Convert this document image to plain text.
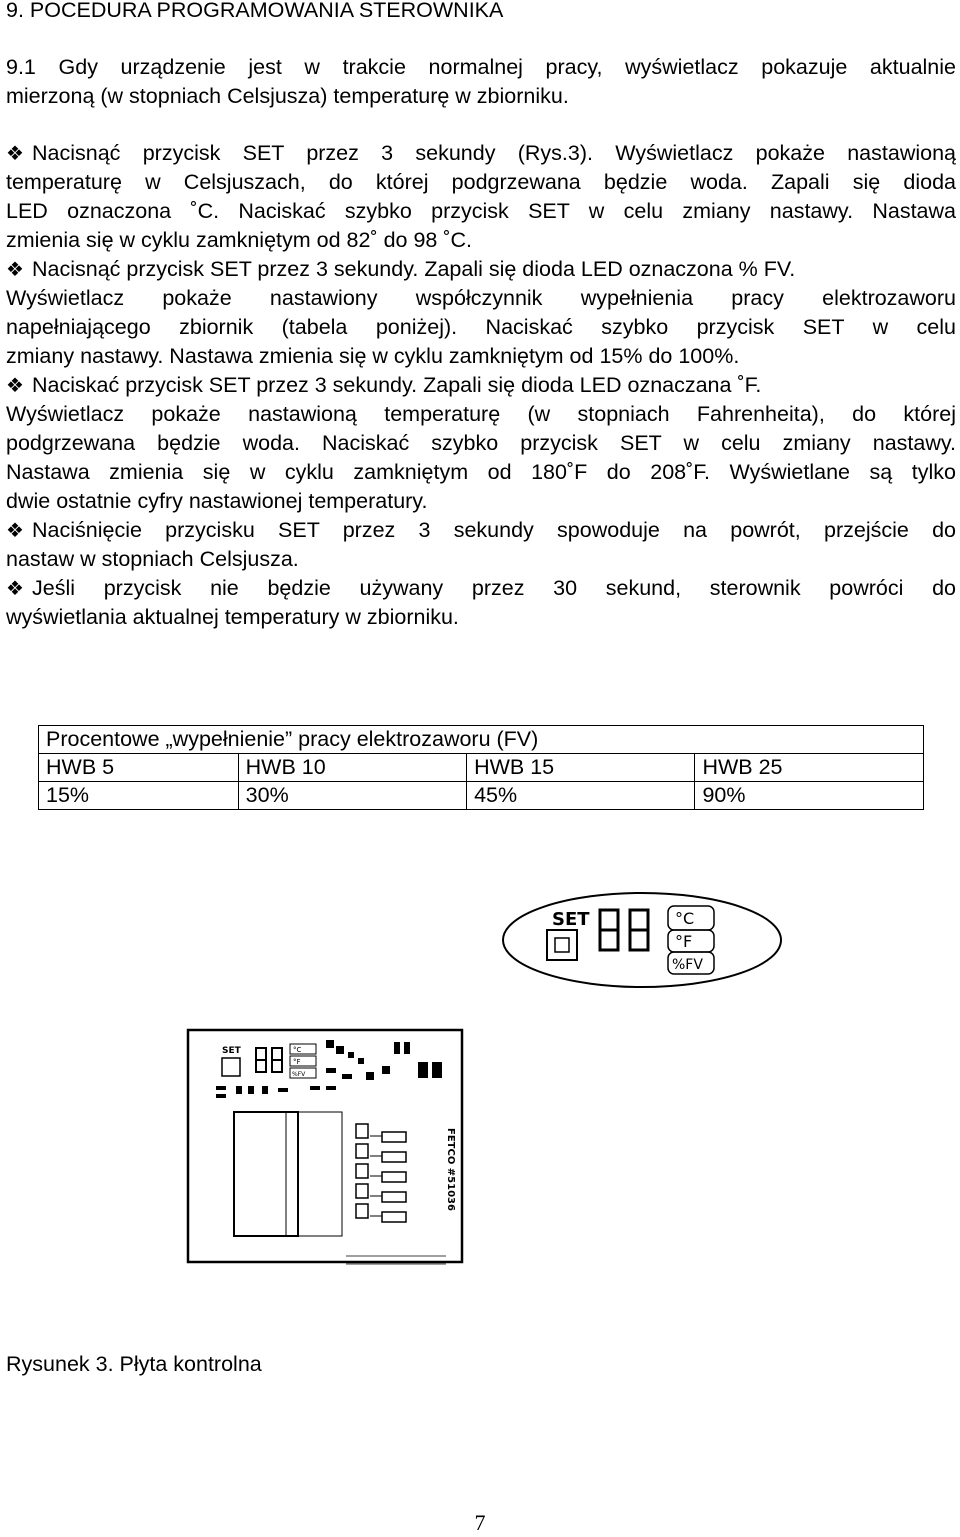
9. POCEDURA PROGRAMOWANIA STEROWNIKA
9.1 Gdy urządzenie jest w trakcie normalnej pracy, wyświetlacz pokazuje aktualnie
mierzoną (w stopniach Celsjusza) temperaturę w zbiorniku.
❖ Nacisnąć przycisk SET przez 3 sekundy (Rys.3). Wyświetlacz pokaże nastawioną
temperaturę w Celsjuszach, do której podgrzewana będzie woda. Zapali się dioda
LED oznaczona ˚C. Naciskać szybko przycisk SET w celu zmiany nastawy. Nastawa
zmienia się w cyklu zamkniętym od 82˚ do 98 ˚C.
❖ Nacisnąć przycisk SET przez 3 sekundy. Zapali się dioda LED oznaczona % FV.
Wyświetlacz pokaże nastawiony współczynnik wypełnienia pracy elektrozaworu
napełniającego zbiornik (tabela poniżej). Naciskać szybko przycisk SET w celu
zmiany nastawy. Nastawa zmienia się w cyklu zamkniętym od 15% do 100%.
❖ Naciskać przycisk SET przez 3 sekundy. Zapali się dioda LED oznaczana ˚F.
Wyświetlacz pokaże nastawioną temperaturę (w stopniach Fahrenheita), do której
podgrzewana będzie woda. Naciskać szybko przycisk SET w celu zmiany nastawy.
Nastawa zmienia się w cyklu zamkniętym od 180˚F do 208˚F. Wyświetlane są tylko
dwie ostatnie cyfry nastawionej temperatury.
❖ Naciśnięcie przycisku SET przez 3 sekundy spowoduje na powrót, przejście do
nastaw w stopniach Celsjusza.
❖ Jeśli przycisk nie będzie używany przez 30 sekund, sterownik powróci do
wyświetlania aktualnej temperatury w zbiorniku.
Procentowe „wypełnienie” pracy elektrozaworu (FV)			
HWB 5	HWB 10	HWB 15	HWB 25
15%	30%	45%	90%
SET	°C
°F
%FV
SET	°C
°F
%FV
FETCO #51036
Rysunek 3. Płyta kontrolna
7
